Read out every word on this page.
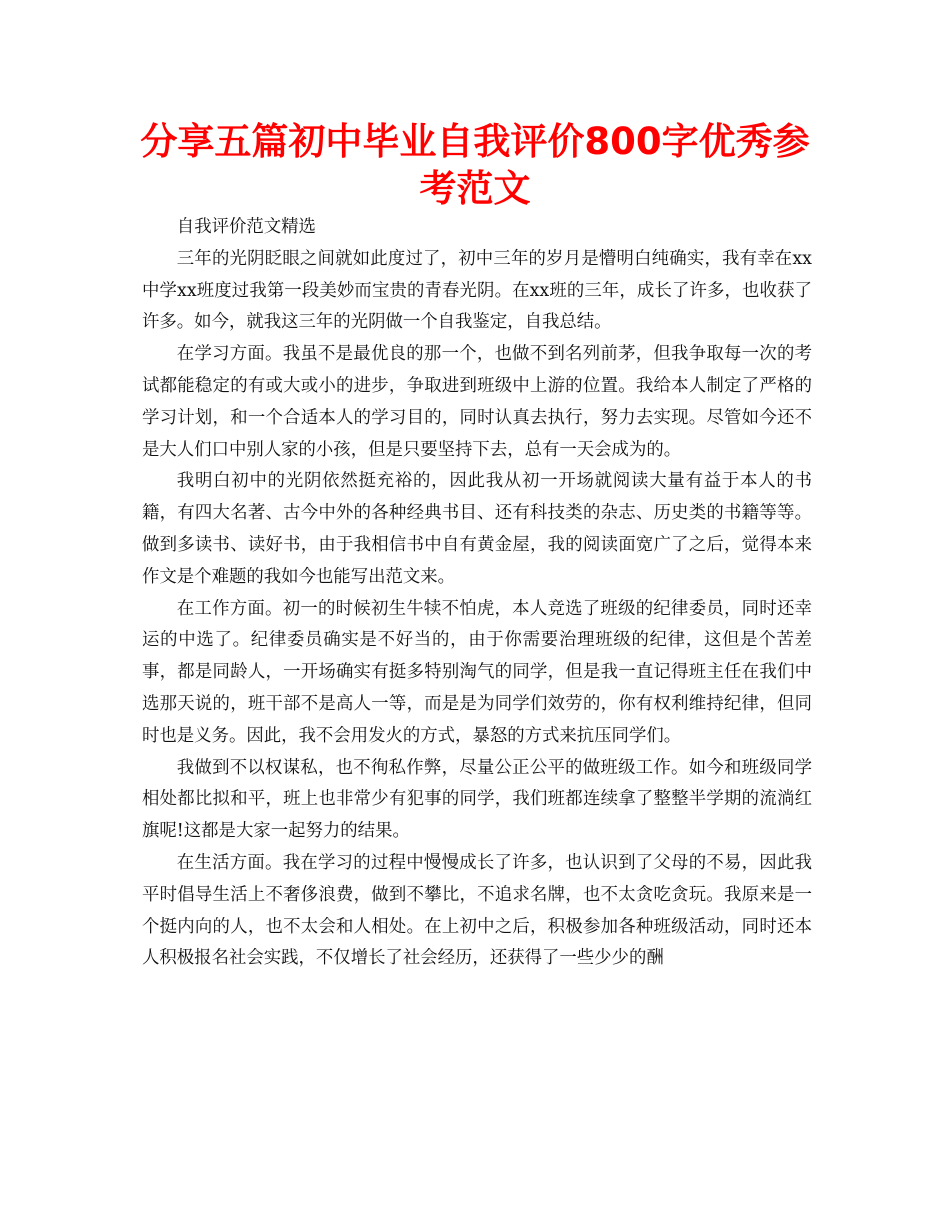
分享五篇初中毕业自我评价800字优秀参
考范文

自我评价范文精选

三年的光阴眨眼之间就如此度过了，初中三年的岁月是懵明白纯确实，我有幸在xx中学xx班度过我第一段美妙而宝贵的青春光阴。在xx班的三年，成长了许多，也收获了许多。如今，就我这三年的光阴做一个自我鉴定，自我总结。

在学习方面。我虽不是最优良的那一个，也做不到名列前茅，但我争取每一次的考试都能稳定的有或大或小的进步，争取进到班级中上游的位置。我给本人制定了严格的学习计划，和一个合适本人的学习目的，同时认真去执行，努力去实现。尽管如今还不是大人们口中别人家的小孩，但是只要坚持下去，总有一天会成为的。

我明白初中的光阴依然挺充裕的，因此我从初一开场就阅读大量有益于本人的书籍，有四大名著、古今中外的各种经典书目、还有科技类的杂志、历史类的书籍等等。做到多读书、读好书，由于我相信书中自有黄金屋，我的阅读面宽广了之后，觉得本来作文是个难题的我如今也能写出范文来。

在工作方面。初一的时候初生牛犊不怕虎，本人竞选了班级的纪律委员，同时还幸运的中选了。纪律委员确实是不好当的，由于你需要治理班级的纪律，这但是个苦差事，都是同龄人，一开场确实有挺多特别淘气的同学，但是我一直记得班主任在我们中选那天说的，班干部不是高人一等，而是是为同学们效劳的，你有权利维持纪律，但同时也是义务。因此，我不会用发火的方式，暴怒的方式来抗压同学们。

我做到不以权谋私，也不徇私作弊，尽量公正公平的做班级工作。如今和班级同学相处都比拟和平，班上也非常少有犯事的同学，我们班都连续拿了整整半学期的流淌红旗呢!这都是大家一起努力的结果。

在生活方面。我在学习的过程中慢慢成长了许多，也认识到了父母的不易，因此我平时倡导生活上不奢侈浪费，做到不攀比，不追求名牌，也不太贪吃贪玩。我原来是一个挺内向的人，也不太会和人相处。在上初中之后，积极参加各种班级活动，同时还本人积极报名社会实践，不仅增长了社会经历，还获得了一些少少的酬
